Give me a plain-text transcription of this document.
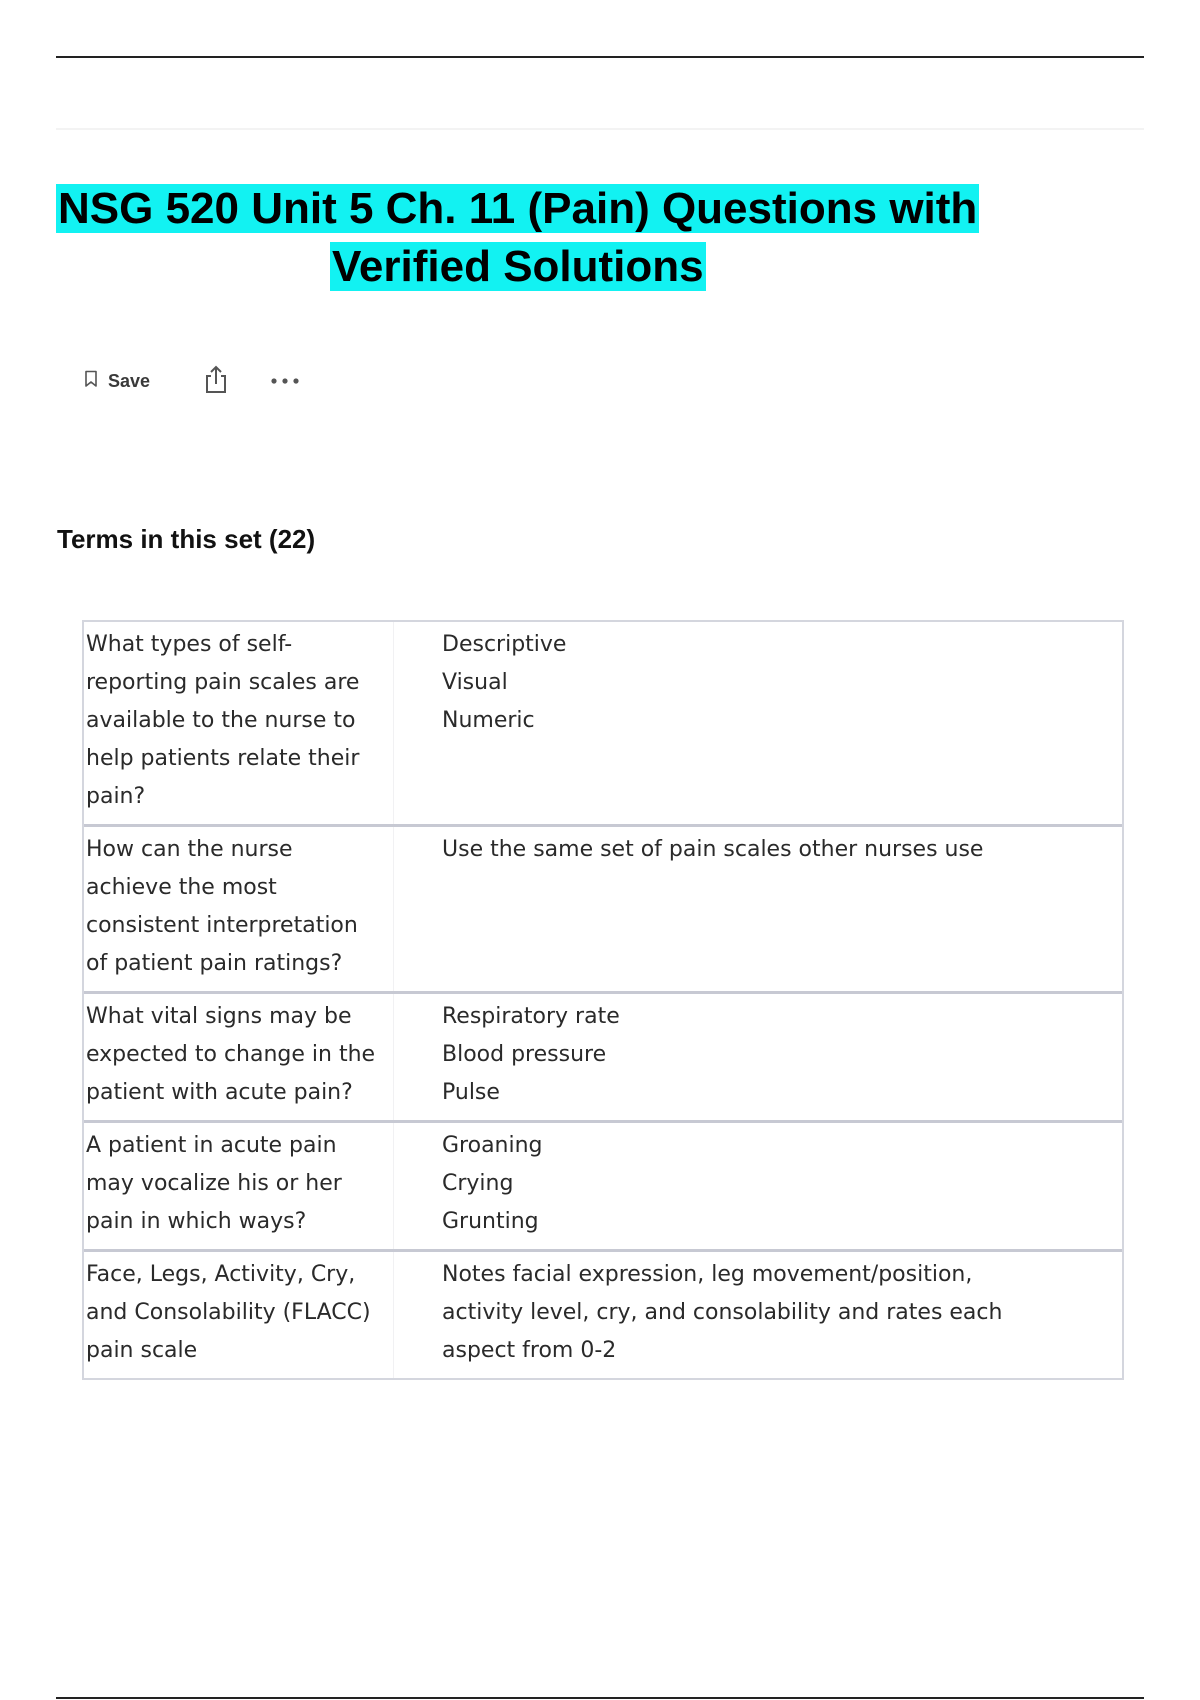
NSG 520 Unit 5 Ch. 11 (Pain) Questions with
Verified Solutions
Save
Terms in this set (22)
What types of self-
reporting pain scales are
available to the nurse to
help patients relate their
pain?
Descriptive
Visual
Numeric
How can the nurse
achieve the most
consistent interpretation
of patient pain ratings?
Use the same set of pain scales other nurses use
What vital signs may be
expected to change in the
patient with acute pain?
Respiratory rate
Blood pressure
Pulse
A patient in acute pain
may vocalize his or her
pain in which ways?
Groaning
Crying
Grunting
Face, Legs, Activity, Cry,
and Consolability (FLACC)
pain scale
Notes facial expression, leg movement/position,
activity level, cry, and consolability and rates each
aspect from 0-2
